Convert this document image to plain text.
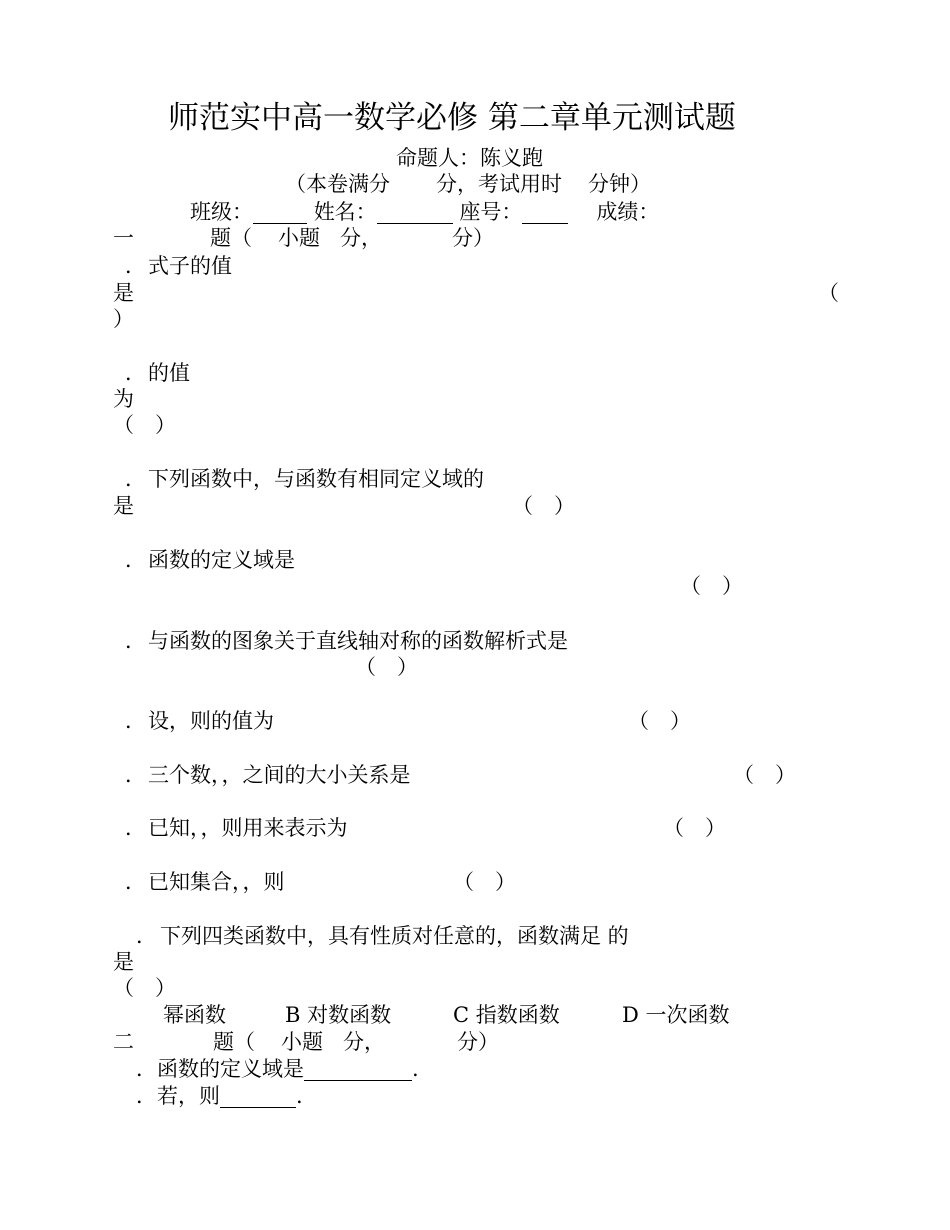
师范实中高一数学必修 第二章单元测试题
命题人：陈义跑
（本卷满分 分，考试用时 分钟）
班级：	姓名：	座号：	成绩：
一	题（ 小题 分，	分）
． 式子的值
是	（
）
． 的值
为
（　）
． 下列函数中，与函数有相同定义域的
是	（　）
． 函数的定义域是
（　）
． 与函数的图象关于直线轴对称的函数解析式是
（　）
． 设，则的值为	（　）
． 三个数，，之间的大小关系是	（　）
． 已知，，则用来表示为	（　）
． 已知集合，，则	（　）
． 下列四类函数中，具有性质对任意的，函数满足 的
是
（　）
幂函数	B 对数函数	C 指数函数	D 一次函数
二	题（ 小题 分，	分）
．函数的定义域是	.
．若，则	.
